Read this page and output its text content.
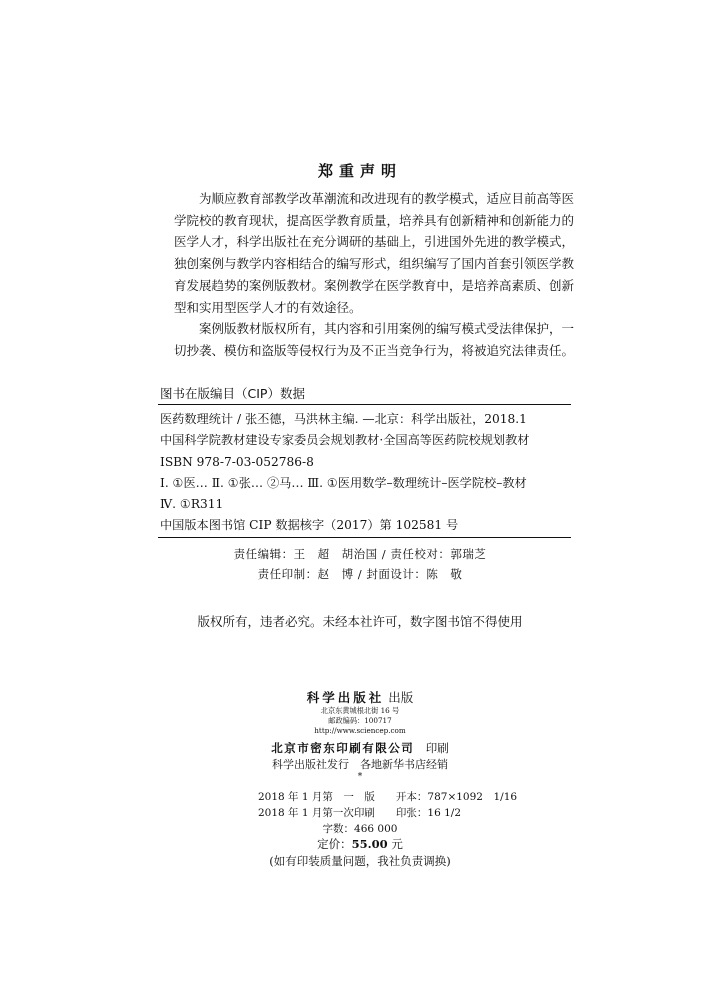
郑重声明
为顺应教育部教学改革潮流和改进现有的教学模式，适应目前高等医
学院校的教育现状，提高医学教育质量，培养具有创新精神和创新能力的
医学人才，科学出版社在充分调研的基础上，引进国外先进的教学模式，
独创案例与教学内容相结合的编写形式，组织编写了国内首套引领医学教
育发展趋势的案例版教材。案例教学在医学教育中，是培养高素质、创新
型和实用型医学人才的有效途径。
案例版教材版权所有，其内容和引用案例的编写模式受法律保护，一
切抄袭、模仿和盗版等侵权行为及不正当竞争行为，将被追究法律责任。
图书在版编目（CIP）数据
医药数理统计 / 张丕德，马洪林主编. —北京：科学出版社，2018.1
中国科学院教材建设专家委员会规划教材·全国高等医药院校规划教材
ISBN 978-7-03-052786-8
Ⅰ. ①医… Ⅱ. ①张… ②马… Ⅲ. ①医用数学–数理统计–医学院校–教材
Ⅳ. ①R311
中国版本图书馆 CIP 数据核字（2017）第 102581 号
责任编辑：王　超　胡治国 / 责任校对：郭瑞芝
责任印制：赵　博 / 封面设计：陈　敬
版权所有，违者必究。未经本社许可，数字图书馆不得使用
科学出版社 出版
北京东黄城根北街 16 号
邮政编码：100717
http://www.sciencep.com
北京市密东印刷有限公司　印刷
科学出版社发行　各地新华书店经销
*
2018 年 1 月第　一　版　　开本：787×1092　1/16
2018 年 1 月第一次印刷　　印张：16 1/2
字数：466 000
定价：55.00 元
(如有印装质量问题，我社负责调换)
